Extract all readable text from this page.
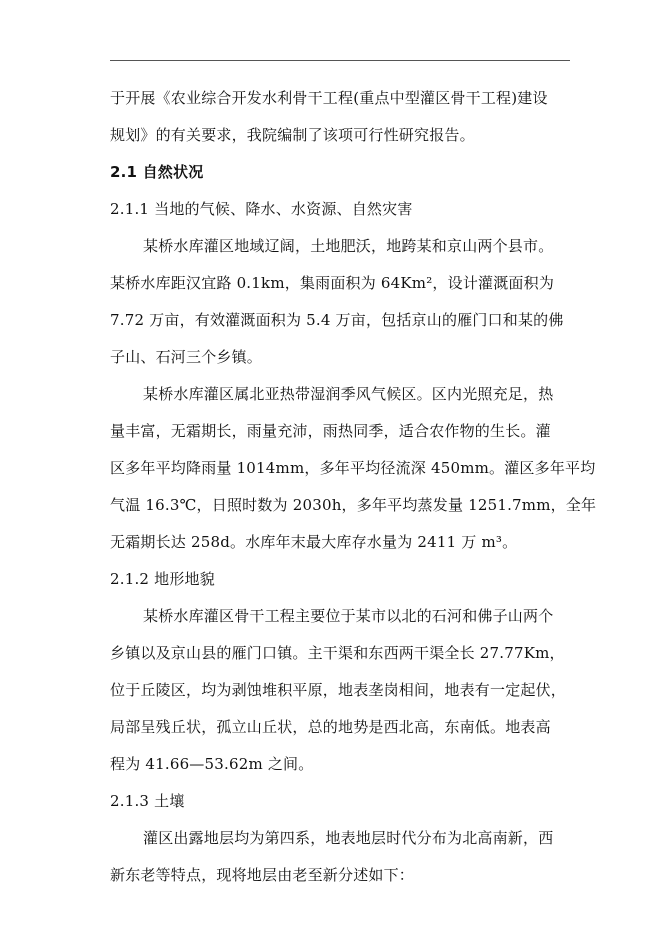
于开展《农业综合开发水利骨干工程(重点中型灌区骨干工程)建设
规划》的有关要求，我院编制了该项可行性研究报告。
2.1 自然状况
2.1.1 当地的气候、降水、水资源、自然灾害
某桥水库灌区地域辽阔，土地肥沃，地跨某和京山两个县市。
某桥水库距汉宜路 0.1km，集雨面积为 64Km²，设计灌溉面积为
7.72 万亩，有效灌溉面积为 5.4 万亩，包括京山的雁门口和某的佛
子山、石河三个乡镇。
某桥水库灌区属北亚热带湿润季风气候区。区内光照充足，热
量丰富，无霜期长，雨量充沛，雨热同季，适合农作物的生长。灌
区多年平均降雨量 1014mm，多年平均径流深 450mm。灌区多年平均
气温 16.3℃，日照时数为 2030h，多年平均蒸发量 1251.7mm，全年
无霜期长达 258d。水库年末最大库存水量为 2411 万 m³。
2.1.2 地形地貌
某桥水库灌区骨干工程主要位于某市以北的石河和佛子山两个
乡镇以及京山县的雁门口镇。主干渠和东西两干渠全长 27.77Km，
位于丘陵区，均为剥蚀堆积平原，地表垄岗相间，地表有一定起伏，
局部呈残丘状，孤立山丘状，总的地势是西北高，东南低。地表高
程为 41.66—53.62m 之间。
2.1.3 土壤
灌区出露地层均为第四系，地表地层时代分布为北高南新，西
新东老等特点，现将地层由老至新分述如下：
